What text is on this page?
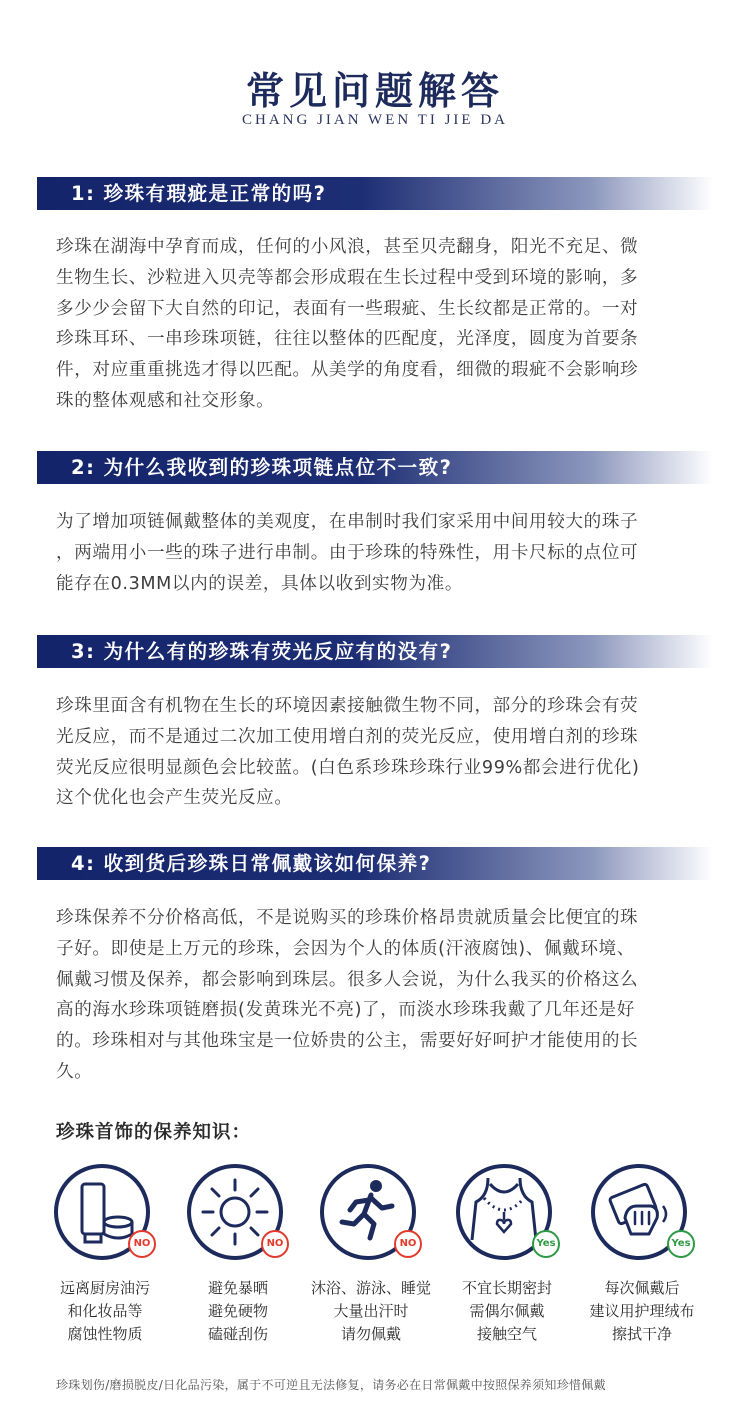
常见问题解答
CHANG JIAN WEN TI JIE DA
1: 珍珠有瑕疵是正常的吗?
珍珠在湖海中孕育而成，任何的小风浪，甚至贝壳翻身，阳光不充足、微
生物生长、沙粒进入贝壳等都会形成瑕在生长过程中受到环境的影响，多
多少少会留下大自然的印记，表面有一些瑕疵、生长纹都是正常的。一对
珍珠耳环、一串珍珠项链，往往以整体的匹配度，光泽度，圆度为首要条
件，对应重重挑选才得以匹配。从美学的角度看，细微的瑕疵不会影响珍
珠的整体观感和社交形象。
2: 为什么我收到的珍珠项链点位不一致?
为了增加项链佩戴整体的美观度，在串制时我们家采用中间用较大的珠子
，两端用小一些的珠子进行串制。由于珍珠的特殊性，用卡尺标的点位可
能存在0.3MM以内的误差，具体以收到实物为准。
3: 为什么有的珍珠有荧光反应有的没有?
珍珠里面含有机物在生长的环境因素接触微生物不同，部分的珍珠会有荧
光反应，而不是通过二次加工使用增白剂的荧光反应，使用增白剂的珍珠
荧光反应很明显颜色会比较蓝。(白色系珍珠珍珠行业99%都会进行优化)
这个优化也会产生荧光反应。
4: 收到货后珍珠日常佩戴该如何保养?
珍珠保养不分价格高低，不是说购买的珍珠价格昂贵就质量会比便宜的珠
子好。即使是上万元的珍珠，会因为个人的体质(汗液腐蚀)、佩戴环境、
佩戴习惯及保养，都会影响到珠层。很多人会说，为什么我买的价格这么
高的海水珍珠项链磨损(发黄珠光不亮)了，而淡水珍珠我戴了几年还是好
的。珍珠相对与其他珠宝是一位娇贵的公主，需要好好呵护才能使用的长
久。
珍珠首饰的保养知识：
NO	NO	NO	Yes	Yes
远离厨房油污
和化妆品等
腐蚀性物质
避免暴晒
避免硬物
磕碰刮伤
沐浴、游泳、睡觉
大量出汗时
请勿佩戴
不宜长期密封
需偶尔佩戴
接触空气
每次佩戴后
建议用护理绒布
擦拭干净
珍珠划伤/磨损脱皮/日化品污染，属于不可逆且无法修复，请务必在日常佩戴中按照保养须知珍惜佩戴
